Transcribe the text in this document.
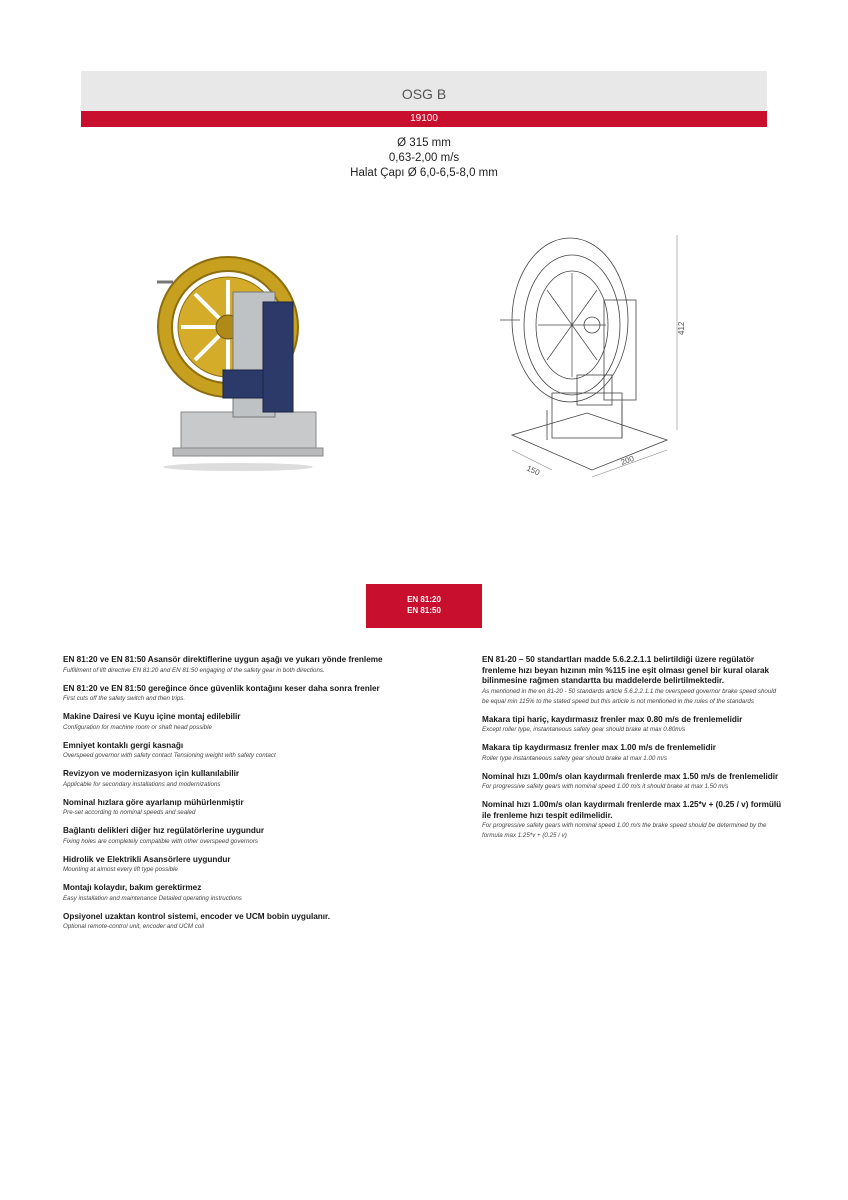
OSG B
19100
Ø 315 mm
0,63-2,00 m/s
Halat Çapı Ø 6,0-6,5-8,0 mm
412
150
200
EN 81:20
EN 81:50
EN 81:20 ve EN 81:50 Asansör direktiflerine uygun aşağı ve yukarı yönde frenleme
Fulfillment of lift directive EN 81:20 and EN 81:50 engaging of the safety gear in both directions.
EN 81:20 ve EN 81:50 gereğince önce güvenlik kontağını keser daha sonra frenler
First cuts off the safety switch and then trips.
Makine Dairesi ve Kuyu içine montaj edilebilir
Configuration for machine room or shaft head possible
Emniyet kontaklı gergi kasnağı
Overspeed governor with safety contact Tensioning weight with safety contact
Revizyon ve modernizasyon için kullanılabilir
Applicable for secondary installations and modernizations
Nominal hızlara göre ayarlanıp mühürlenmiştir
Pre-set according to nominal speeds and sealed
Bağlantı delikleri diğer hız regülatörlerine uygundur
Fixing holes are completely compatible with other overspeed governors
Hidrolik ve Elektrikli Asansörlere uygundur
Mounting at almost every lift type possible
Montajı kolaydır, bakım gerektirmez
Easy installation and maintenance Detailed operating instructions
Opsiyonel uzaktan kontrol sistemi, encoder ve UCM bobin uygulanır.
Optional remote-control unit, encoder and UCM coil
EN 81-20 – 50 standartları madde 5.6.2.2.1.1 belirtildiği üzere regülatör frenleme hızı beyan hızının min %115 ine eşit olması genel bir kural olarak bilinmesine rağmen standartta bu maddelerde belirtilmektedir.
As mentioned in the en 81-20 - 50 standards article 5.6.2.2.1.1 the overspeed governor brake speed should be equal min 115% to the stated speed but this article is not mentioned in the rules of the standards
Makara tipi hariç, kaydırmasız frenler max 0.80 m/s de frenlemelidir
Except roller type, instantaneous safety gear should brake at max 0.80m/s
Makara tip kaydırmasız frenler max 1.00 m/s de frenlemelidir
Roller type instantaneous safety gear should brake at max 1.00 m/s
Nominal hızı 1.00m/s olan kaydırmalı frenlerde max 1.50 m/s de frenlemelidir
For progressive safety gears with nominal speed 1.00 m/s it should brake at max 1.50 m/s
Nominal hızı 1.00m/s olan kaydırmalı frenlerde max 1.25*v + (0.25 / v) formülü ile frenleme hızı tespit edilmelidir.
For progressive safety gears with nominal speed 1.00 m/s the brake speed should be determined by the formula max 1.25*v + (0.25 / v)
